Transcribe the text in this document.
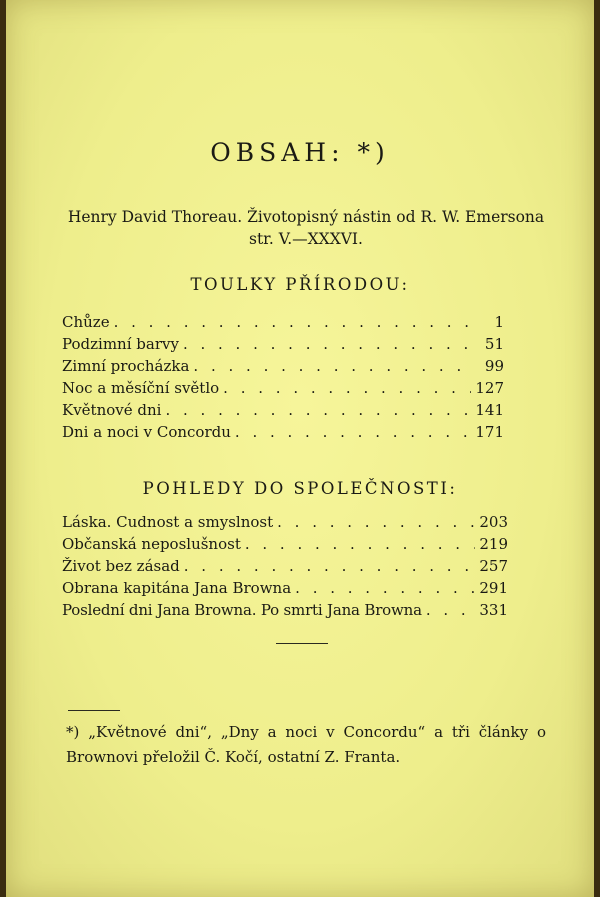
OBSAH: *)
Henry David Thoreau. Životopisný nástin od R. W. Emersona
str. V.—XXXVI.
TOULKY PŘÍRODOU:
Chůze . . .	1
Podzimní barvy . . .	51
Zimní procházka . . .	99
Noc a měsíční světlo . . .	127
Květnové dni . . .	141
Dni a noci v Concordu . . .	171
POHLEDY DO SPOLEČNOSTI:
Láska. Cudnost a smyslnost . . .	203
Občanská neposlušnost . . .	219
Život bez zásad . . .	257
Obrana kapitána Jana Browna . . .	291
Poslední dni Jana Browna. Po smrti Jana Browna . . .	331
*) „Květnové dni“, „Dny a noci v Concordu“ a tři články o Brownovi přeložil Č. Kočí, ostatní Z. Franta.
